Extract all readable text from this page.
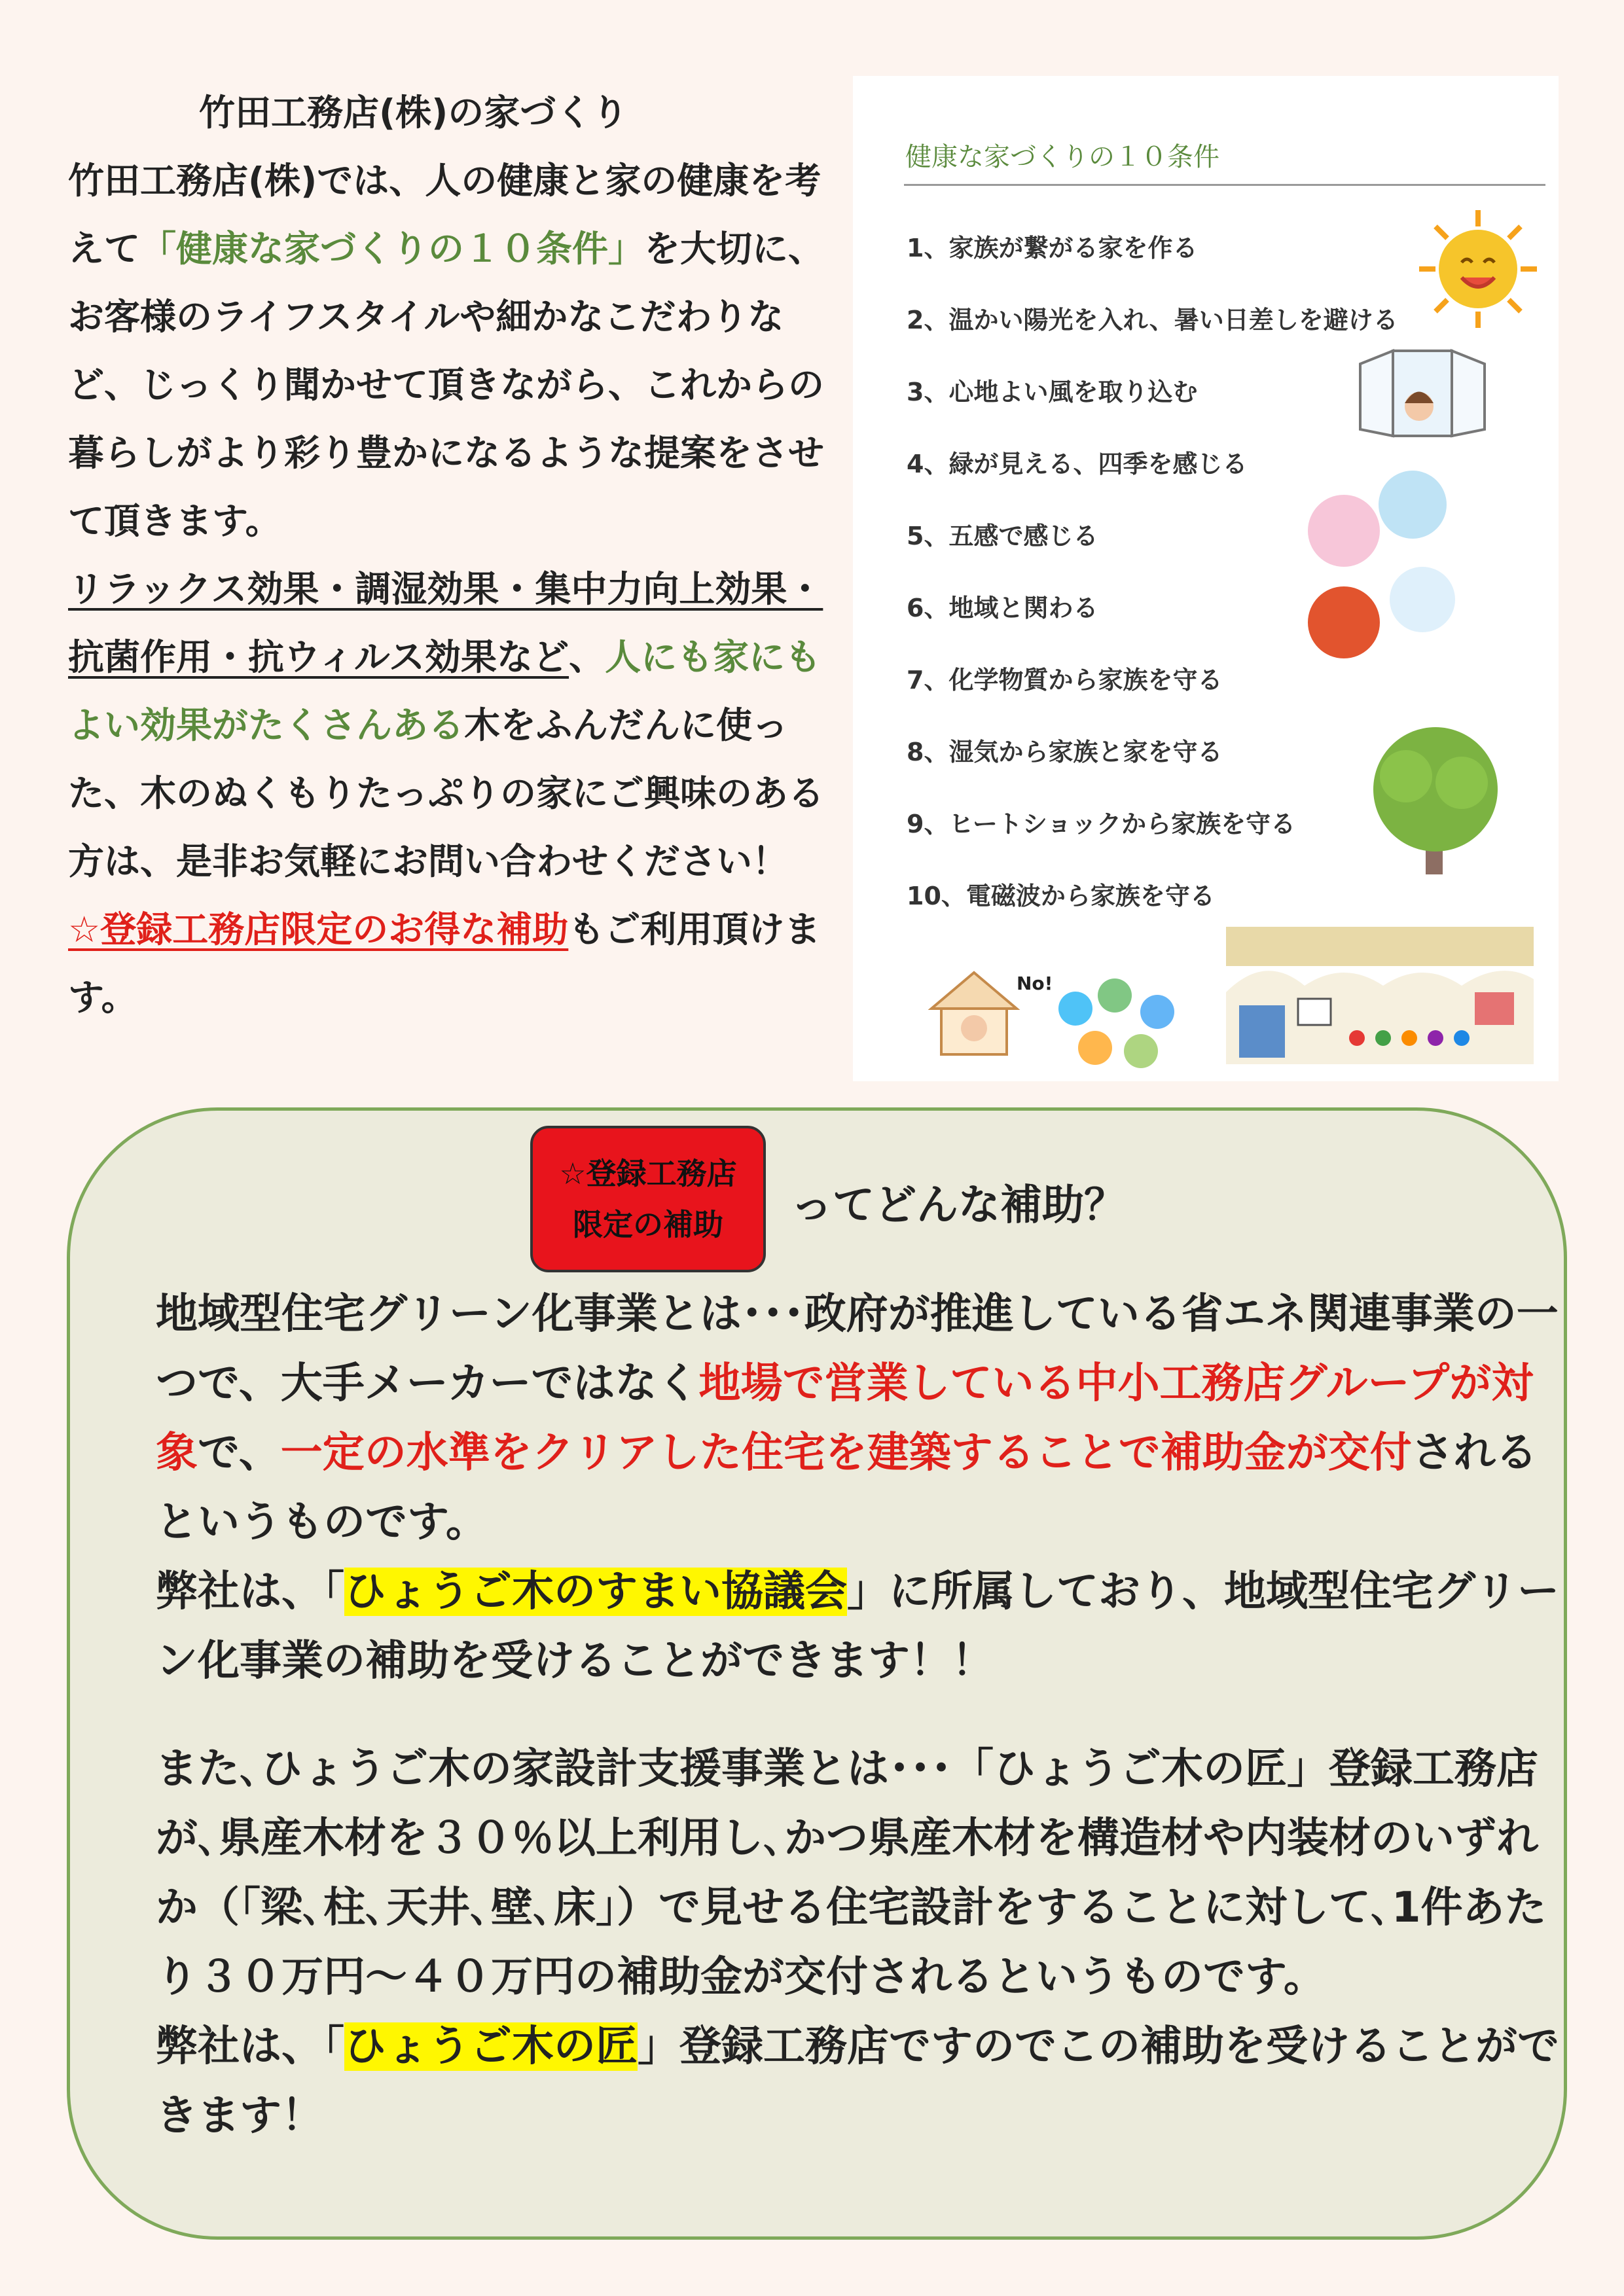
竹田工務店(株)の家づくり
竹田工務店(株)では、人の健康と家の健康を考えて「健康な家づくりの１０条件」を大切に、お客様のライフスタイルや細かなこだわりなど、じっくり聞かせて頂きながら、これからの暮らしがより彩り豊かになるような提案をさせて頂きます。
リラックス効果・調湿効果・集中力向上効果・抗菌作用・抗ウィルス効果など、人にも家にもよい効果がたくさんある木をふんだんに使った、木のぬくもりたっぷりの家にご興味のある方は、是非お気軽にお問い合わせください！
☆登録工務店限定のお得な補助もご利用頂けます。
健康な家づくりの１０条件
1、家族が繋がる家を作る
2、温かい陽光を入れ、暑い日差しを避ける
3、心地よい風を取り込む
4、緑が見える、四季を感じる
5、五感で感じる
6、地域と関わる
7、化学物質から家族を守る
8、湿気から家族と家を守る
9、ヒートショックから家族を守る
10、電磁波から家族を守る
No!
☆登録工務店
限定の補助	ってどんな補助？
地域型住宅グリーン化事業とは･･･政府が推進している省エネ関連事業の一つで、大手メーカーではなく地場で営業している中小工務店グループが対象で、一定の水準をクリアした住宅を建築することで補助金が交付されるというものです。
弊社は、「ひょうご木のすまい協議会」に所属しており、地域型住宅グリーン化事業の補助を受けることができます！！
また､ひょうご木の家設計支援事業とは･･･「ひょうご木の匠」登録工務店が､県産木材を３０％以上利用し､かつ県産木材を構造材や内装材のいずれか（｢梁､柱､天井､壁､床｣）で見せる住宅設計をすることに対して､1件あたり３０万円～４０万円の補助金が交付されるというものです。
弊社は、「ひょうご木の匠」登録工務店ですのでこの補助を受けることができます！
